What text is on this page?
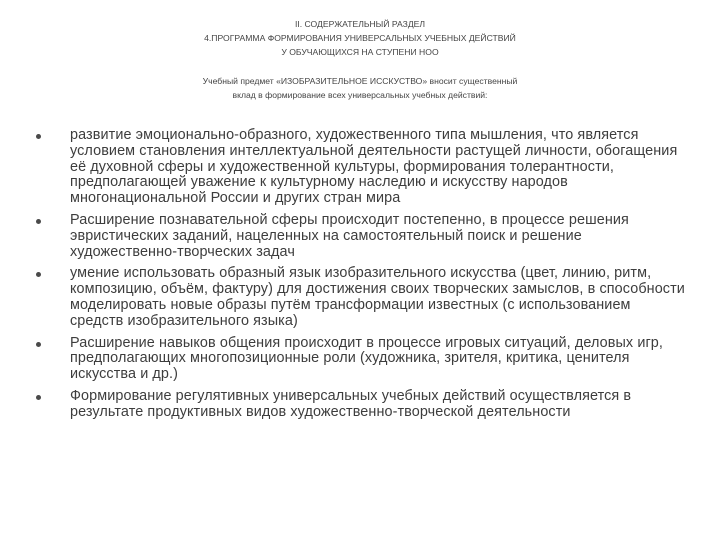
II. СОДЕРЖАТЕЛЬНЫЙ РАЗДЕЛ
4.ПРОГРАММА ФОРМИРОВАНИЯ УНИВЕРСАЛЬНЫХ УЧЕБНЫХ ДЕЙСТВИЙ
У ОБУЧАЮЩИХСЯ НА СТУПЕНИ НОО
Учебный предмет «ИЗОБРАЗИТЕЛЬНОЕ ИССКУСТВО» вносит существенный
вклад в формирование всех универсальных учебных действий:
развитие эмоционально-образного, художественного типа мышления, что является условием становления интеллектуальной деятельности растущей личности, обогащения её духовной сферы и художественной культуры, формирования толерантности, предполагающей уважение к культурному наследию и искусству народов многонациональной России и других стран мира
Расширение познавательной сферы происходит постепенно, в процессе решения эвристических заданий, нацеленных на самостоятельный поиск и решение художественно-творческих задач
умение использовать образный язык изобразительного искусства (цвет, линию, ритм, композицию, объём, фактуру) для достижения своих творческих замыслов, в способности моделировать новые образы путём трансформации известных (с использованием средств изобразительного языка)
Расширение навыков общения происходит в процессе игровых ситуаций, деловых игр, предполагающих многопозиционные роли (художника, зрителя, критика, ценителя искусства и др.)
Формирование регулятивных универсальных учебных действий осуществляется в результате продуктивных видов художественно-творческой деятельности
